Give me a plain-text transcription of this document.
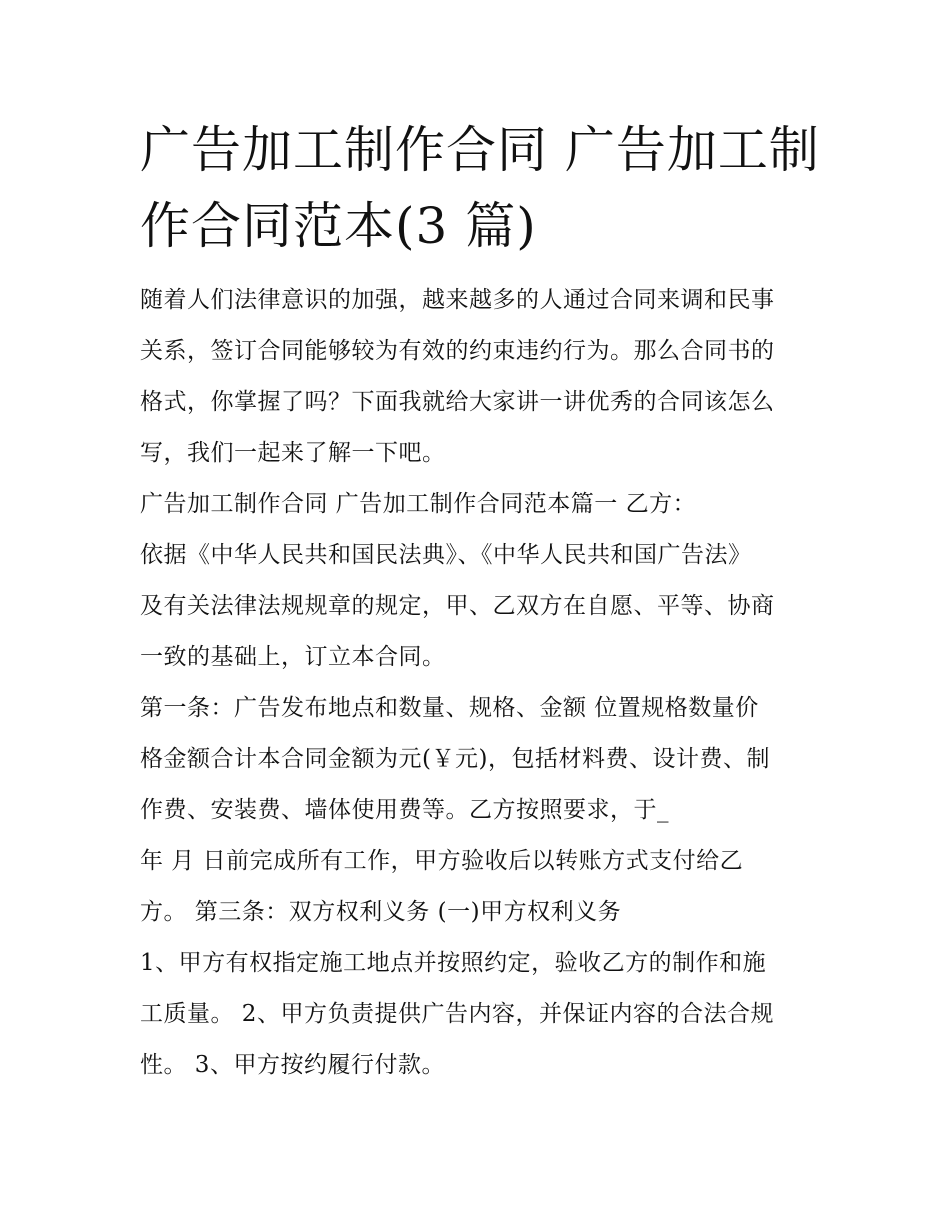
广告加工制作合同 广告加工制
作合同范本(3 篇)

随着人们法律意识的加强，越来越多的人通过合同来调和民事

关系，签订合同能够较为有效的约束违约行为。那么合同书的

格式，你掌握了吗？下面我就给大家讲一讲优秀的合同该怎么

写，我们一起来了解一下吧。

广告加工制作合同 广告加工制作合同范本篇一 乙方：

依据《中华人民共和国民法典》、《中华人民共和国广告法》

及有关法律法规规章的规定，甲、乙双方在自愿、平等、协商

一致的基础上，订立本合同。

第一条：广告发布地点和数量、规格、金额 位置规格数量价

格金额合计本合同金额为元(￥元)，包括材料费、设计费、制

作费、安装费、墙体使用费等。乙方按照要求，于_

年 月 日前完成所有工作，甲方验收后以转账方式支付给乙

方。 第三条：双方权利义务 (一)甲方权利义务

1、甲方有权指定施工地点并按照约定，验收乙方的制作和施

工质量。 2、甲方负责提供广告内容，并保证内容的合法合规

性。 3、甲方按约履行付款。
